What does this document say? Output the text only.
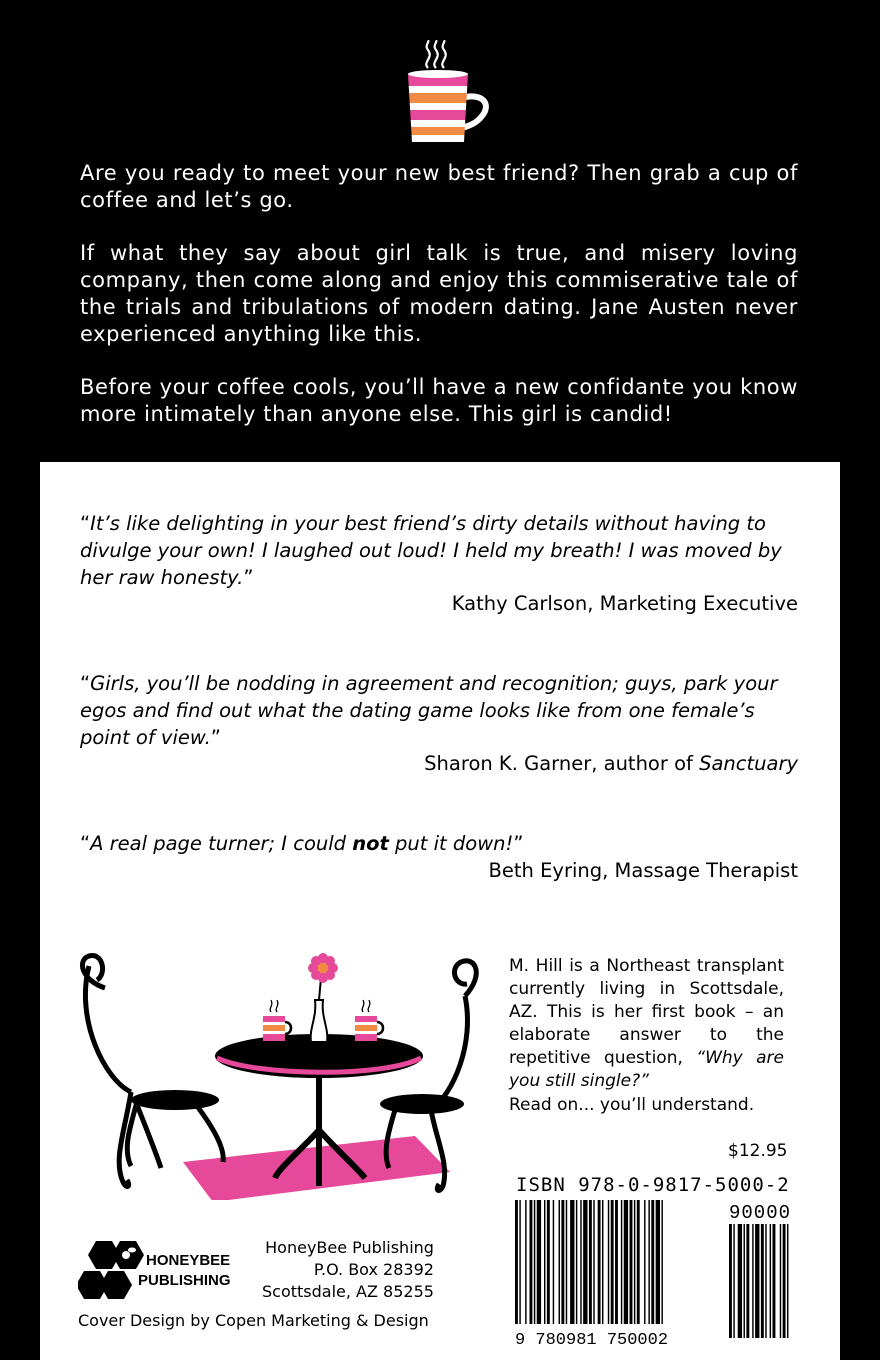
Are you ready to meet your new best friend? Then grab a cup of coffee and let’s go.

If what they say about girl talk is true, and misery loving company, then come along and enjoy this commiserative tale of the trials and tribulations of modern dating. Jane Austen never experienced anything like this.

Before your coffee cools, you’ll have a new confidante you know more intimately than anyone else. This girl is candid!

“It’s like delighting in your best friend’s dirty details without having to divulge your own! I laughed out loud! I held my breath! I was moved by her raw honesty.”

Kathy Carlson, Marketing Executive

“Girls, you’ll be nodding in agreement and recognition; guys, park your egos and find out what the dating game looks like from one female’s point of view.”

Sharon K. Garner, author of Sanctuary

“A real page turner; I could not put it down!”

Beth Eyring, Massage Therapist

M. Hill is a Northeast transplant currently living in Scottsdale, AZ. This is her first book – an elaborate answer to the repetitive question, “Why are you still single?”

Read on... you’ll understand.

$12.95

ISBN 978-0-9817-5000-2

9 780981 750002
90000
HONEYBEE
PUBLISHING

HoneyBee Publishing
P.O. Box 28392
Scottsdale, AZ 85255

Cover Design by Copen Marketing & Design
